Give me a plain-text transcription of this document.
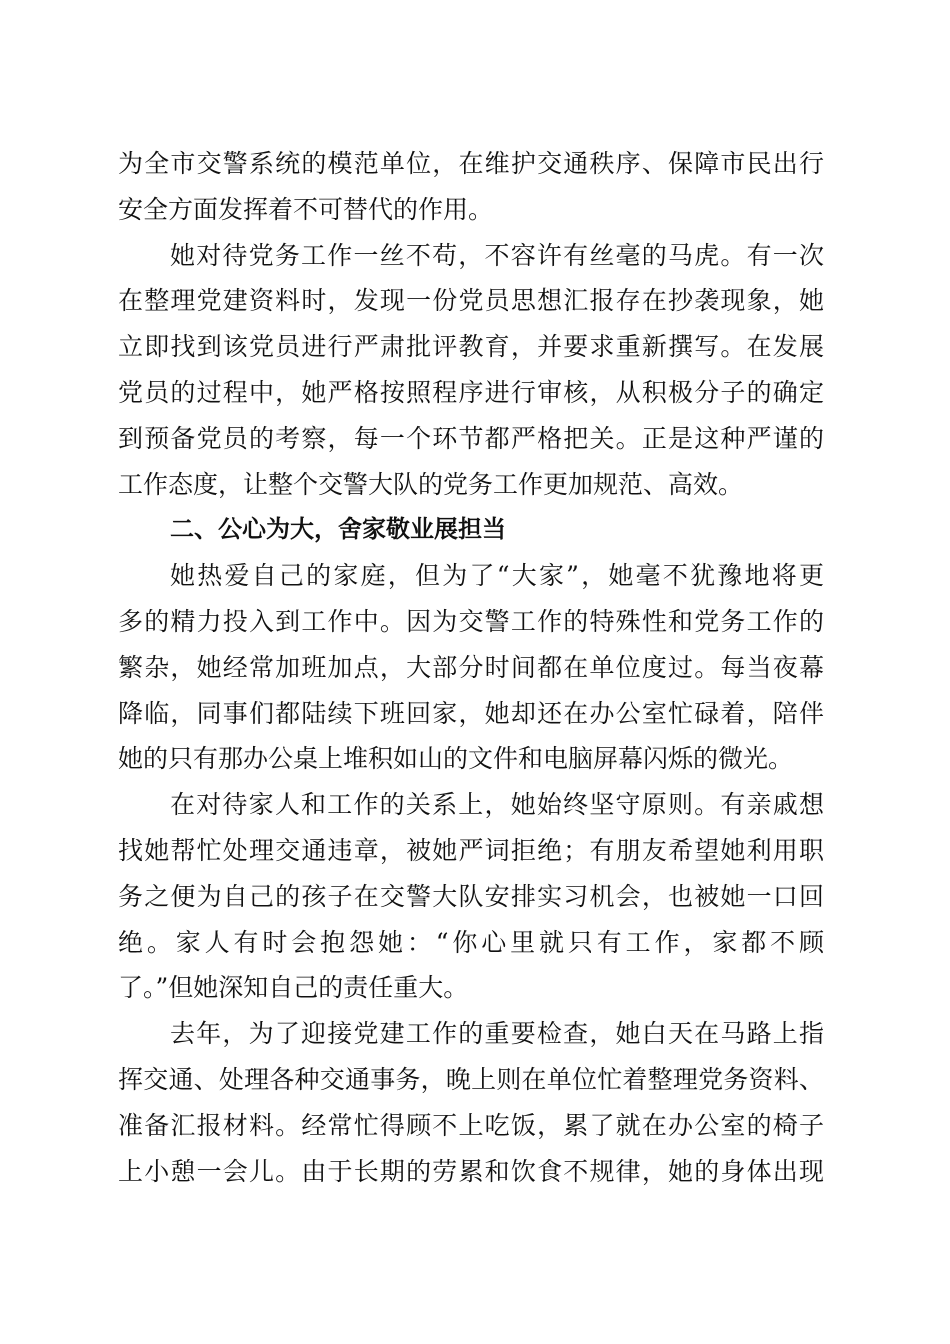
为全市交警系统的模范单位，在维护交通秩序、保障市民出行
安全方面发挥着不可替代的作用。
她对待党务工作一丝不苟，不容许有丝毫的马虎。有一次
在整理党建资料时，发现一份党员思想汇报存在抄袭现象，她
立即找到该党员进行严肃批评教育，并要求重新撰写。在发展
党员的过程中，她严格按照程序进行审核，从积极分子的确定
到预备党员的考察，每一个环节都严格把关。正是这种严谨的
工作态度，让整个交警大队的党务工作更加规范、高效。
二、公心为大，舍家敬业展担当
她热爱自己的家庭，但为了“大家”，她毫不犹豫地将更
多的精力投入到工作中。因为交警工作的特殊性和党务工作的
繁杂，她经常加班加点，大部分时间都在单位度过。每当夜幕
降临，同事们都陆续下班回家，她却还在办公室忙碌着，陪伴
她的只有那办公桌上堆积如山的文件和电脑屏幕闪烁的微光。
在对待家人和工作的关系上，她始终坚守原则。有亲戚想
找她帮忙处理交通违章，被她严词拒绝；有朋友希望她利用职
务之便为自己的孩子在交警大队安排实习机会，也被她一口回
绝。家人有时会抱怨她：“你心里就只有工作，家都不顾
了。”但她深知自己的责任重大。
去年，为了迎接党建工作的重要检查，她白天在马路上指
挥交通、处理各种交通事务，晚上则在单位忙着整理党务资料、
准备汇报材料。经常忙得顾不上吃饭，累了就在办公室的椅子
上小憩一会儿。由于长期的劳累和饮食不规律，她的身体出现
